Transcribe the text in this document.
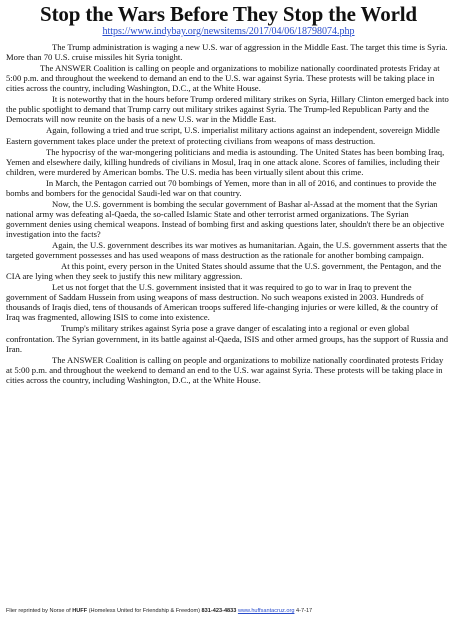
Stop the Wars Before They Stop the World
https://www.indybay.org/newsitems/2017/04/06/18798074.php

The Trump administration is waging a new U.S. war of aggression in the Middle East. The target this time is Syria. More than 70 U.S. cruise missiles hit Syria tonight.

The ANSWER Coalition is calling on people and organizations to mobilize nationally coordinated protests Friday at 5:00 p.m. and throughout the weekend to demand an end to the U.S. war against Syria. These protests will be taking place in cities across the country, including Washington, D.C., at the White House.

It is noteworthy that in the hours before Trump ordered military strikes on Syria, Hillary Clinton emerged back into the public spotlight to demand that Trump carry out military strikes against Syria. The Trump-led Republican Party and the Democrats will now reunite on the basis of a new U.S. war in the Middle East.

Again, following a tried and true script, U.S. imperialist military actions against an independent, sovereign Middle Eastern government takes place under the pretext of protecting civilians from weapons of mass destruction.

The hypocrisy of the war-mongering politicians and media is astounding. The United States has been bombing Iraq, Yemen and elsewhere daily, killing hundreds of civilians in Mosul, Iraq in one attack alone. Scores of families, including their children, were murdered by American bombs. The U.S. media has been virtually silent about this crime.

In March, the Pentagon carried out 70 bombings of Yemen, more than in all of 2016, and continues to provide the bombs and bombers for the genocidal Saudi-led war on that country.

Now, the U.S. government is bombing the secular government of Bashar al-Assad at the moment that the Syrian national army was defeating al-Qaeda, the so-called Islamic State and other terrorist armed organizations. The Syrian government denies using chemical weapons. Instead of bombing first and asking questions later, shouldn't there be an objective investigation into the facts?

Again, the U.S. government describes its war motives as humanitarian. Again, the U.S. government asserts that the targeted government possesses and has used weapons of mass destruction as the rationale for another bombing campaign.

At this point, every person in the United States should assume that the U.S. government, the Pentagon, and the CIA are lying when they seek to justify this new military aggression.

Let us not forget that the U.S. government insisted that it was required to go to war in Iraq to prevent the government of Saddam Hussein from using weapons of mass destruction. No such weapons existed in 2003. Hundreds of thousands of Iraqis died, tens of thousands of American troops suffered life-changing injuries or were killed, & the country of Iraq was fragmented, allowing ISIS to come into existence.

Trump's military strikes against Syria pose a grave danger of escalating into a regional or even global confrontation. The Syrian government, in its battle against al-Qaeda, ISIS and other armed groups, has the support of Russia and Iran.

The ANSWER Coalition is calling on people and organizations to mobilize nationally coordinated protests Friday at 5:00 p.m. and throughout the weekend to demand an end to the U.S. war against Syria. These protests will be taking place in cities across the country, including Washington, D.C., at the White House.

Flier reprinted by Norse of HUFF (Homeless United for Friendship & Freedom) 831-423-4833 www.huffsantacruz.org 4-7-17
